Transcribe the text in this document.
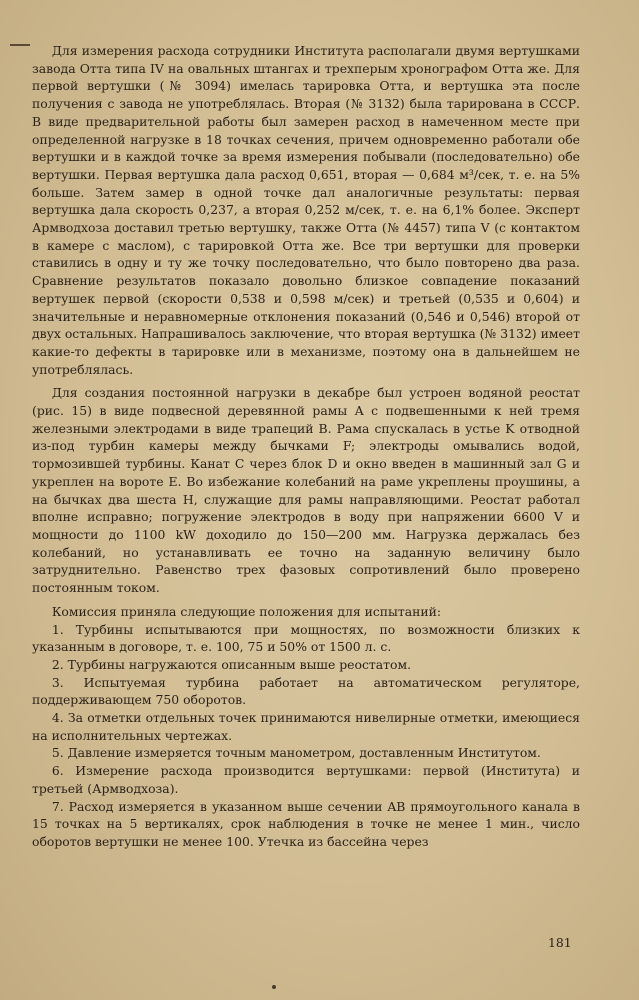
Для измерения расхода сотрудники Института располагали двумя вертушками завода Отта типа IV на овальных штангах и трехперым хронографом Отта же. Для первой вертушки (№ 3094) имелась тарировка Отта, и вертушка эта после получения с завода не употреблялась. Вторая (№ 3132) была тарирована в СССР. В виде предварительной работы был замерен расход в намеченном месте при определенной нагрузке в 18 точках сечения, причем одновременно работали обе вертушки и в каждой точке за время измерения побывали (последовательно) обе вертушки. Первая вертушка дала расход 0,651, вторая — 0,684 м³/сек, т. е. на 5% больше. Затем замер в одной точке дал аналогичные результаты: первая вертушка дала скорость 0,237, а вторая 0,252 м/сек, т. е. на 6,1% более. Эксперт Армводхоза доставил третью вертушку, также Отта (№ 4457) типа V (с контактом в камере с маслом), с тарировкой Отта же. Все три вертушки для проверки ставились в одну и ту же точку последовательно, что было повторено два раза. Сравнение результатов показало довольно близкое совпадение показаний вертушек первой (скорости 0,538 и 0,598 м/сек) и третьей (0,535 и 0,604) и значительные и неравномерные отклонения показаний (0,546 и 0,546) второй от двух остальных. Напрашивалось заключение, что вторая вертушка (№ 3132) имеет какие-то дефекты в тарировке или в механизме, поэтому она в дальнейшем не употреблялась.

Для создания постоянной нагрузки в декабре был устроен водяной реостат (рис. 15) в виде подвесной деревянной рамы A с подвешенными к ней тремя железными электродами в виде трапеций B. Рама спускалась в устье K отводной из-под турбин камеры между бычками F; электроды омывались водой, тормозившей турбины. Канат C через блок D и окно введен в машинный зал G и укреплен на вороте E. Во избежание колебаний на раме укреплены проушины, а на бычках два шеста H, служащие для рамы направляющими. Реостат работал вполне исправно; погружение электродов в воду при напряжении 6600 V и мощности до 1100 kW доходило до 150—200 мм. Нагрузка держалась без колебаний, но устанавливать ее точно на заданную величину было затруднительно. Равенство трех фазовых сопротивлений было проверено постоянным током.

Комиссия приняла следующие положения для испытаний:

1. Турбины испытываются при мощностях, по возможности близких к указанным в договоре, т. е. 100, 75 и 50% от 1500 л. с.
2. Турбины нагружаются описанным выше реостатом.
3. Испытуемая турбина работает на автоматическом регуляторе, поддерживающем 750 оборотов.
4. За отметки отдельных точек принимаются нивелирные отметки, имеющиеся на исполнительных чертежах.
5. Давление измеряется точным манометром, доставленным Институтом.
6. Измерение расхода производится вертушками: первой (Института) и третьей (Армводхоза).
7. Расход измеряется в указанном выше сечении AB прямоугольного канала в 15 точках на 5 вертикалях, срок наблюдения в точке не менее 1 мин., число оборотов вертушки не менее 100. Утечка из бассейна через
181
